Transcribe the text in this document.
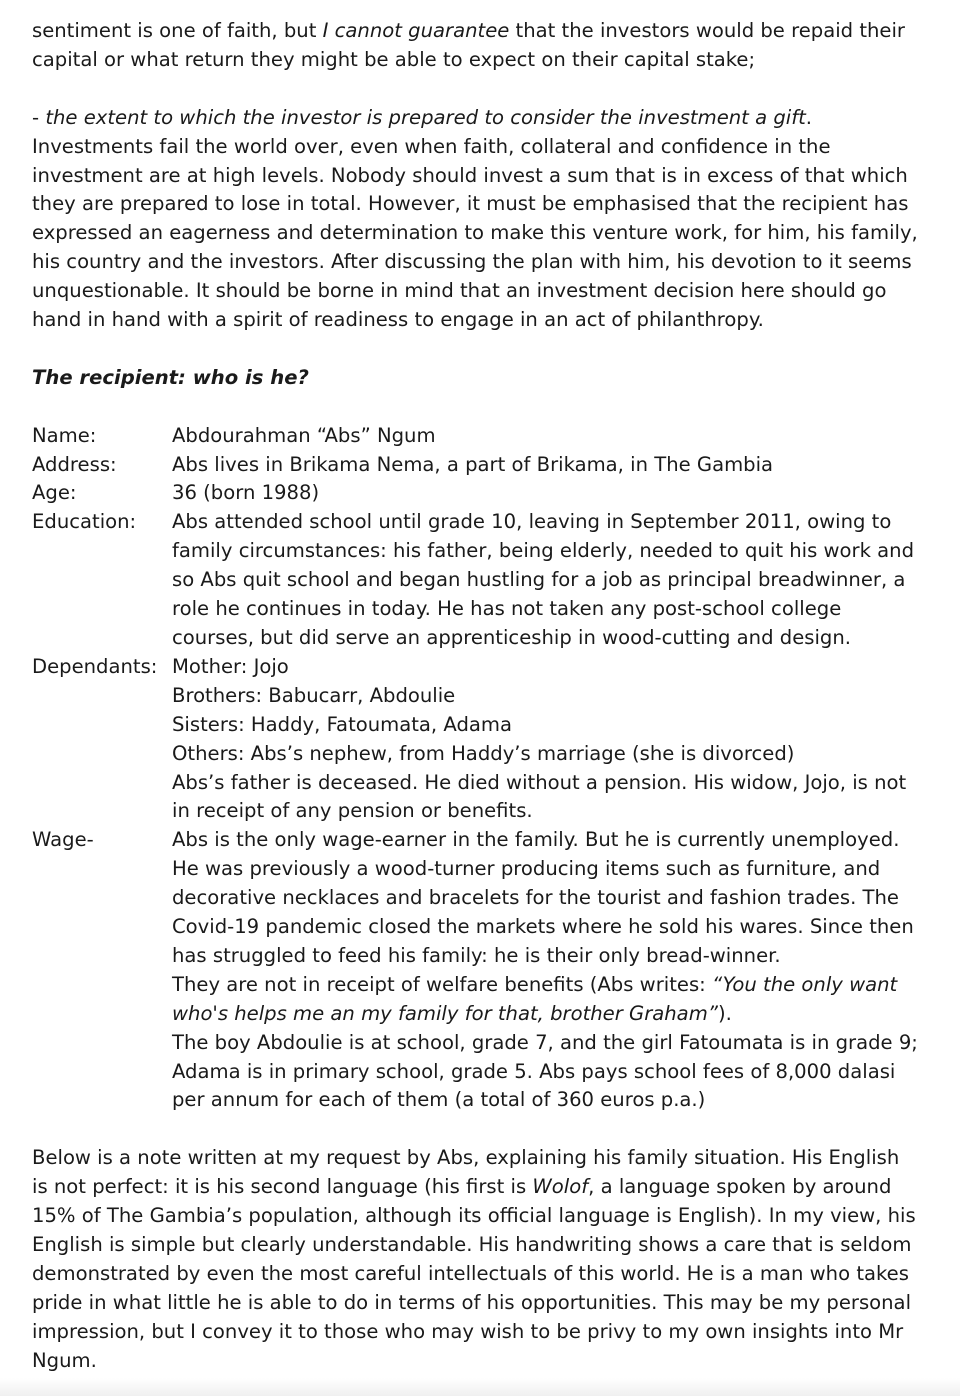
sentiment is one of faith, but I cannot guarantee that the investors would be repaid their capital or what return they might be able to expect on their capital stake;

- the extent to which the investor is prepared to consider the investment a gift. Investments fail the world over, even when faith, collateral and confidence in the investment are at high levels. Nobody should invest a sum that is in excess of that which they are prepared to lose in total. However, it must be emphasised that the recipient has expressed an eagerness and determination to make this venture work, for him, his family, his country and the investors. After discussing the plan with him, his devotion to it seems unquestionable. It should be borne in mind that an investment decision here should go hand in hand with a spirit of readiness to engage in an act of philanthropy.

The recipient: who is he?

Name:	Abdourahman “Abs” Ngum
Address:	Abs lives in Brikama Nema, a part of Brikama, in The Gambia
Age:	36 (born 1988)
Education:	Abs attended school until grade 10, leaving in September 2011, owing to family circumstances: his father, being elderly, needed to quit his work and so Abs quit school and began hustling for a job as principal breadwinner, a role he continues in today. He has not taken any post-school college courses, but did serve an apprenticeship in wood-cutting and design.
Dependants: Mother: Jojo
Brothers: Babucarr, Abdoulie
Sisters: Haddy, Fatoumata, Adama
Others: Abs’s nephew, from Haddy’s marriage (she is divorced)
Abs’s father is deceased. He died without a pension. His widow, Jojo, is not in receipt of any pension or benefits.
Wage-	Abs is the only wage-earner in the family. But he is currently unemployed. He was previously a wood-turner producing items such as furniture, and decorative necklaces and bracelets for the tourist and fashion trades. The Covid-19 pandemic closed the markets where he sold his wares. Since then has struggled to feed his family: he is their only bread-winner.
They are not in receipt of welfare benefits (Abs writes: “You the only want who's helps me an my family for that, brother Graham”).
The boy Abdoulie is at school, grade 7, and the girl Fatoumata is in grade 9; Adama is in primary school, grade 5. Abs pays school fees of 8,000 dalasi per annum for each of them (a total of 360 euros p.a.)

Below is a note written at my request by Abs, explaining his family situation. His English is not perfect: it is his second language (his first is Wolof, a language spoken by around 15% of The Gambia’s population, although its official language is English). In my view, his English is simple but clearly understandable. His handwriting shows a care that is seldom demonstrated by even the most careful intellectuals of this world. He is a man who takes pride in what little he is able to do in terms of his opportunities. This may be my personal impression, but I convey it to those who may wish to be privy to my own insights into Mr Ngum.
